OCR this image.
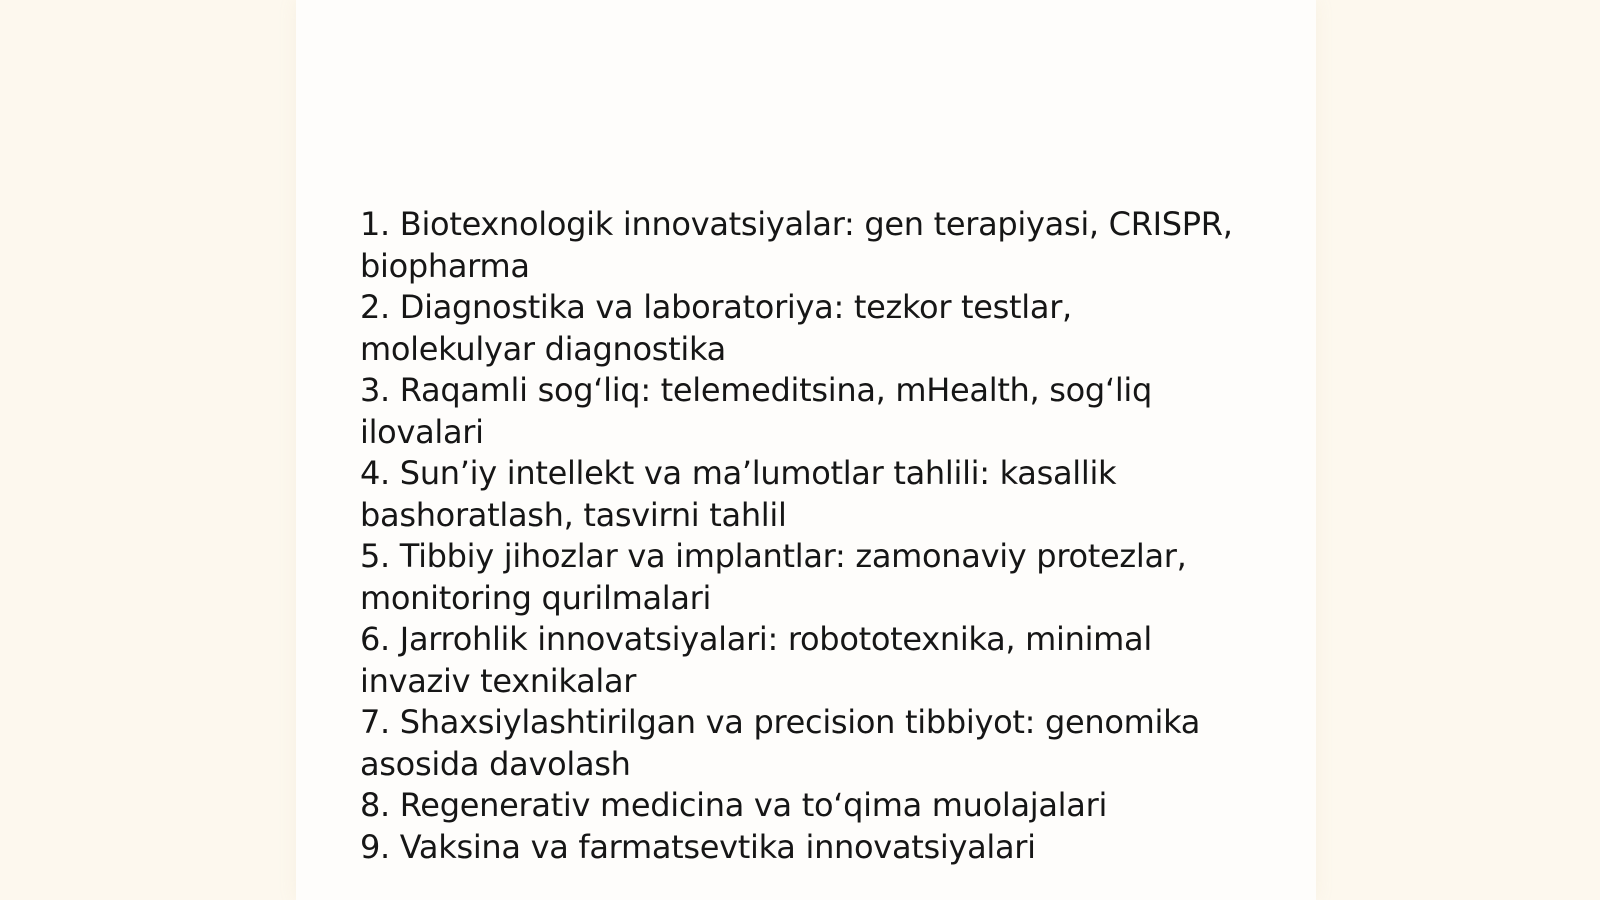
1. Biotexnologik innovatsiyalar: gen terapiyasi, CRISPR, biopharma
2. Diagnostika va laboratoriya: tezkor testlar, molekulyar diagnostika
3. Raqamli sog‘liq: telemeditsina, mHealth, sog‘liq ilovalari
4. Sun’iy intellekt va ma’lumotlar tahlili: kasallik bashoratlash, tasvirni tahlil
5. Tibbiy jihozlar va implantlar: zamonaviy protezlar, monitoring qurilmalari
6. Jarrohlik innovatsiyalari: robototexnika, minimal invaziv texnikalar
7. Shaxsiylashtirilgan va precision tibbiyot: genomika asosida davolash
8. Regenerativ medicina va to‘qima muolajalari
9. Vaksina va farmatsevtika innovatsiyalari
